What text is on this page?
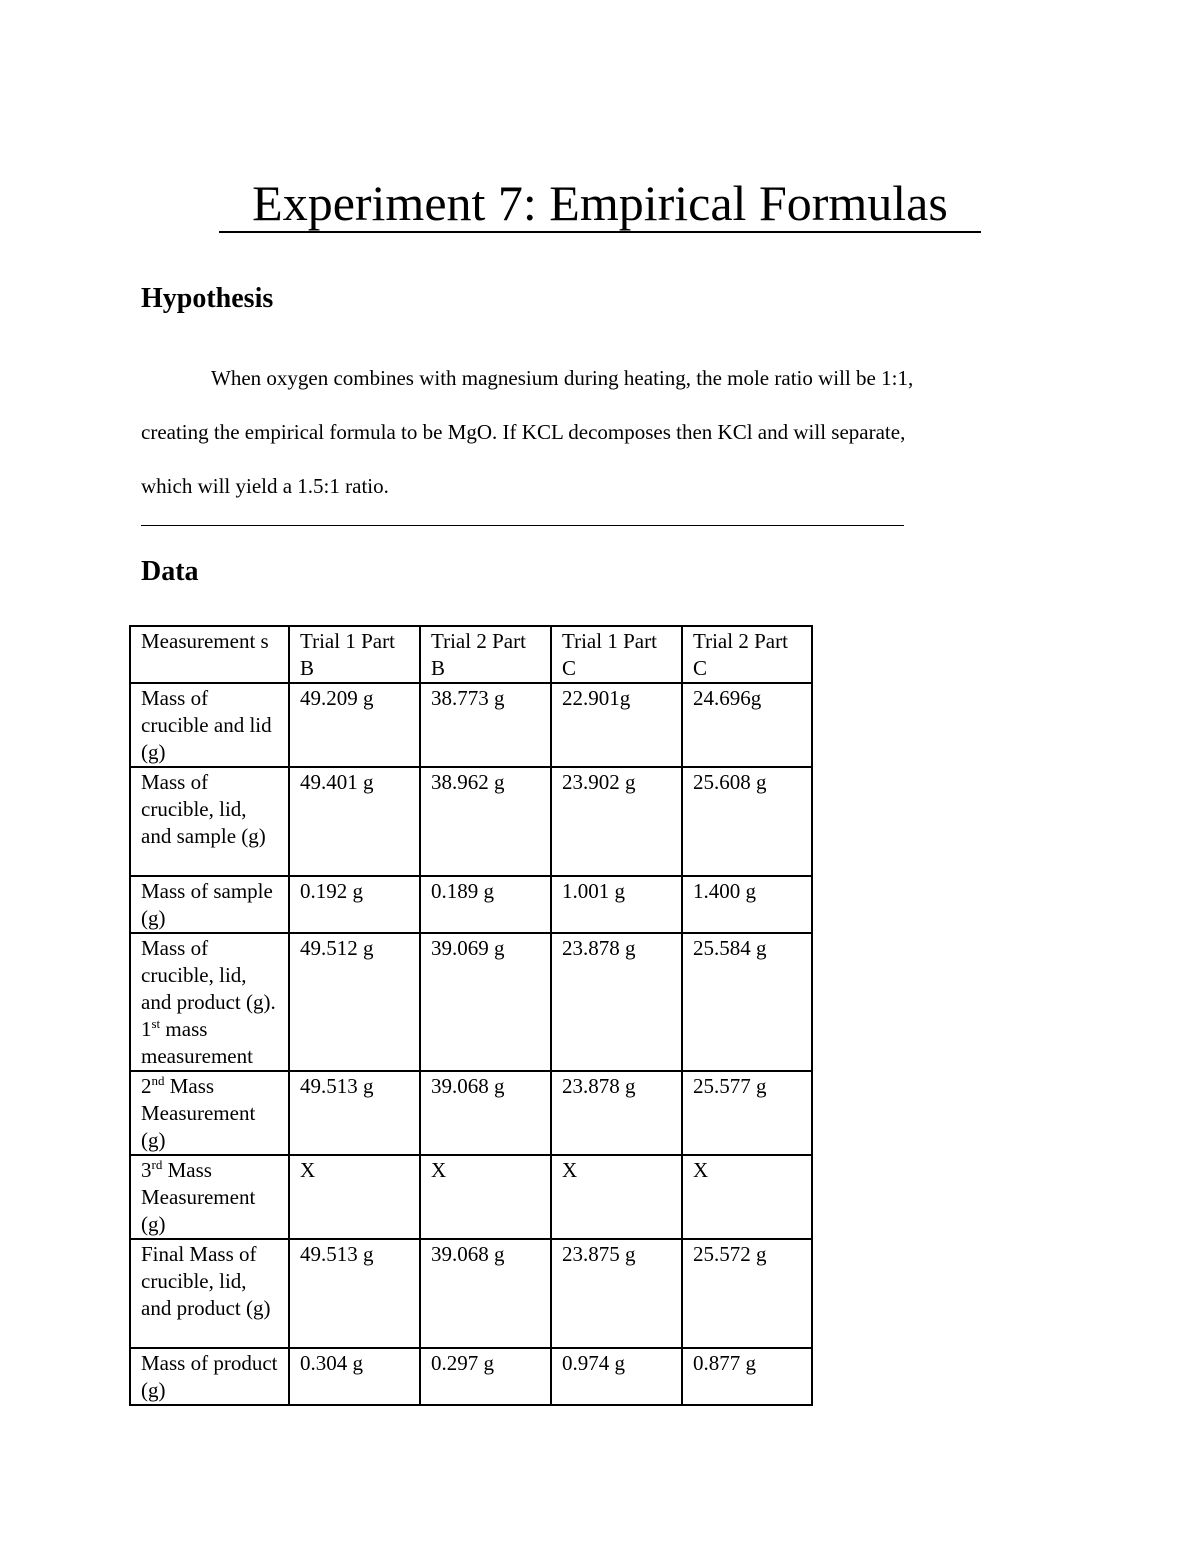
Experiment 7: Empirical Formulas
Hypothesis
When oxygen combines with magnesium during heating, the mole ratio will be 1:1,
creating the empirical formula to be MgO. If KCL decomposes then KCl and will separate,
which will yield a 1.5:1 ratio.
Data
Measurement s	Trial 1 Part B	Trial 2 Part B	Trial 1 Part C	Trial 2 Part C
Mass of crucible and lid (g)	49.209 g	38.773 g	22.901g	24.696g
Mass of crucible, lid, and sample (g)	49.401 g	38.962 g	23.902 g	25.608 g
Mass of sample (g)	0.192 g	0.189 g	1.001 g	1.400 g
Mass of crucible, lid, and product (g). 1st mass measurement	49.512 g	39.069 g	23.878 g	25.584 g
2nd Mass Measurement (g)	49.513 g	39.068 g	23.878 g	25.577 g
3rd Mass Measurement (g)	X	X	X	X
Final Mass of crucible, lid, and product (g)	49.513 g	39.068 g	23.875 g	25.572 g
Mass of product (g)	0.304 g	0.297 g	0.974 g	0.877 g
